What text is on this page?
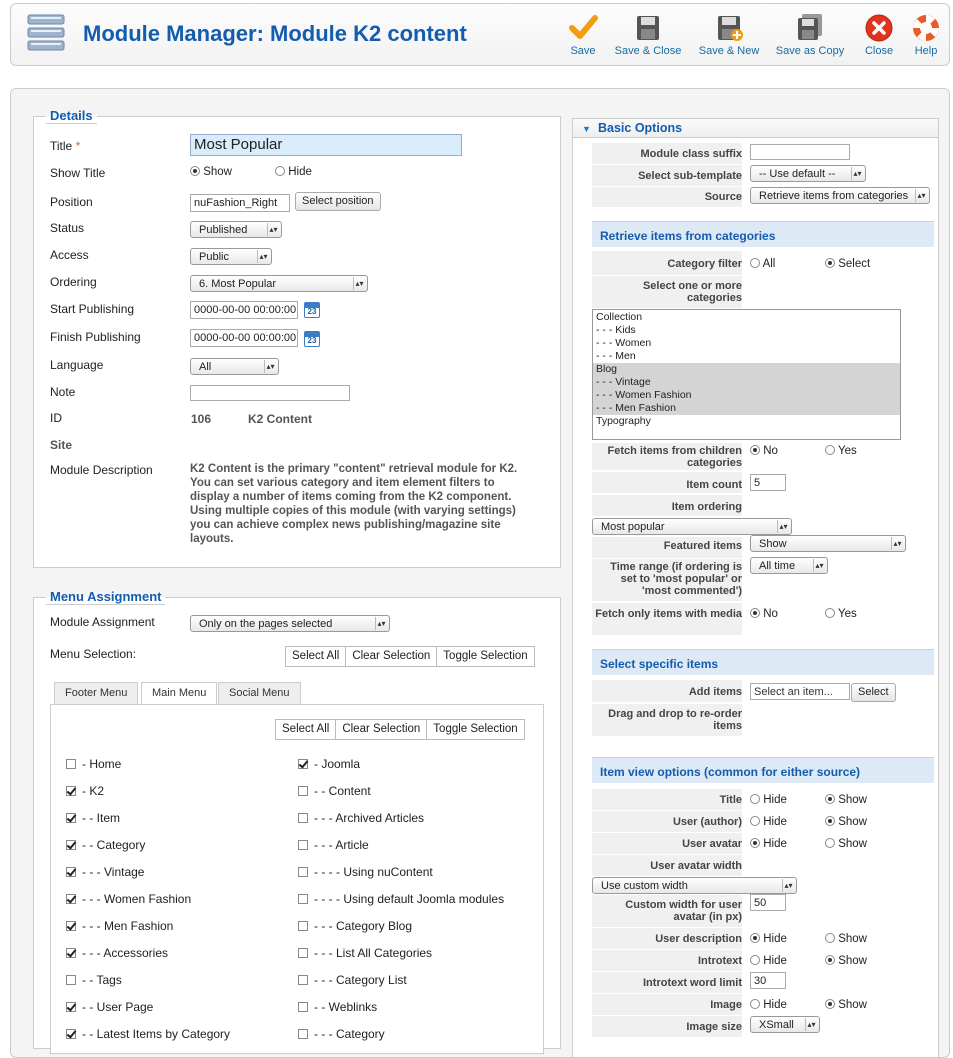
Module Manager: Module K2 content
Save	Save & Close Save & New Save as Copy Close	Help
Details
Title *	Most Popular
Show Title	Show	Hide
Position	nuFashion_Right	Select position
Status	Published	▴▾
Access	Public	▴▾
Ordering	6. Most Popular	▴▾
Start Publishing	0000-00-00 00:00:00	23
Finish Publishing	0000-00-00 00:00:00	23
Language	All	▴▾
Note
ID	106	K2 Content
Site
Module Description	K2 Content is the primary "content" retrieval module for K2. You can set various category and item element filters to display a number of items coming from the K2 component. Using multiple copies of this module (with varying settings) you can achieve complex news publishing/magazine site layouts.
Menu Assignment
Module Assignment	Only on the pages selected	▴▾
Menu Selection:	Select All	Clear Selection	Toggle Selection
Footer Menu	Main Menu	Social Menu
Select All	Clear Selection	Toggle Selection
▼ Basic Options
Module class suffix
Select sub-template	-- Use default --	▴▾
Source	Retrieve items from categories	▴▾
Retrieve items from categories
Category filter	All	Select
Select one or more categories
Collection
- - - Kids
- - - Women
- - - Men
Blog
- - - Vintage
- - - Women Fashion
- - - Men Fashion
Typography
Fetch items from children categories
No	Yes
Item count	5
Item ordering
Most popular	▴▾
Featured items	Show	▴▾
Time range (if ordering is set to 'most popular' or 'most commented')
All time	▴▾
Fetch only items with media	No	Yes
Select specific items
Add items	Select an item...	Select
Drag and drop to re-order items
Item view options (common for either source)
Title	Hide	Show
User (author)	Hide	Show
User avatar	Hide	Show
User avatar width
Use custom width	▴▾
Custom width for user avatar (in px)
50
User description	Hide	Show
Introtext	Hide	Show
Introtext word limit	30
Image	Hide	Show
Image size	XSmall	▴▾
- Home
- K2
- - Item
- - Category
- - - Vintage
- - - Women Fashion
- - - Men Fashion
- - - Accessories
- - Tags
- - User Page
- - Latest Items by Category
- Joomla
- - Content
- - - Archived Articles
- - - Article
- - - - Using nuContent
- - - - Using default Joomla modules
- - - Category Blog
- - - List All Categories
- - - Category List
- - Weblinks
- - - Category
